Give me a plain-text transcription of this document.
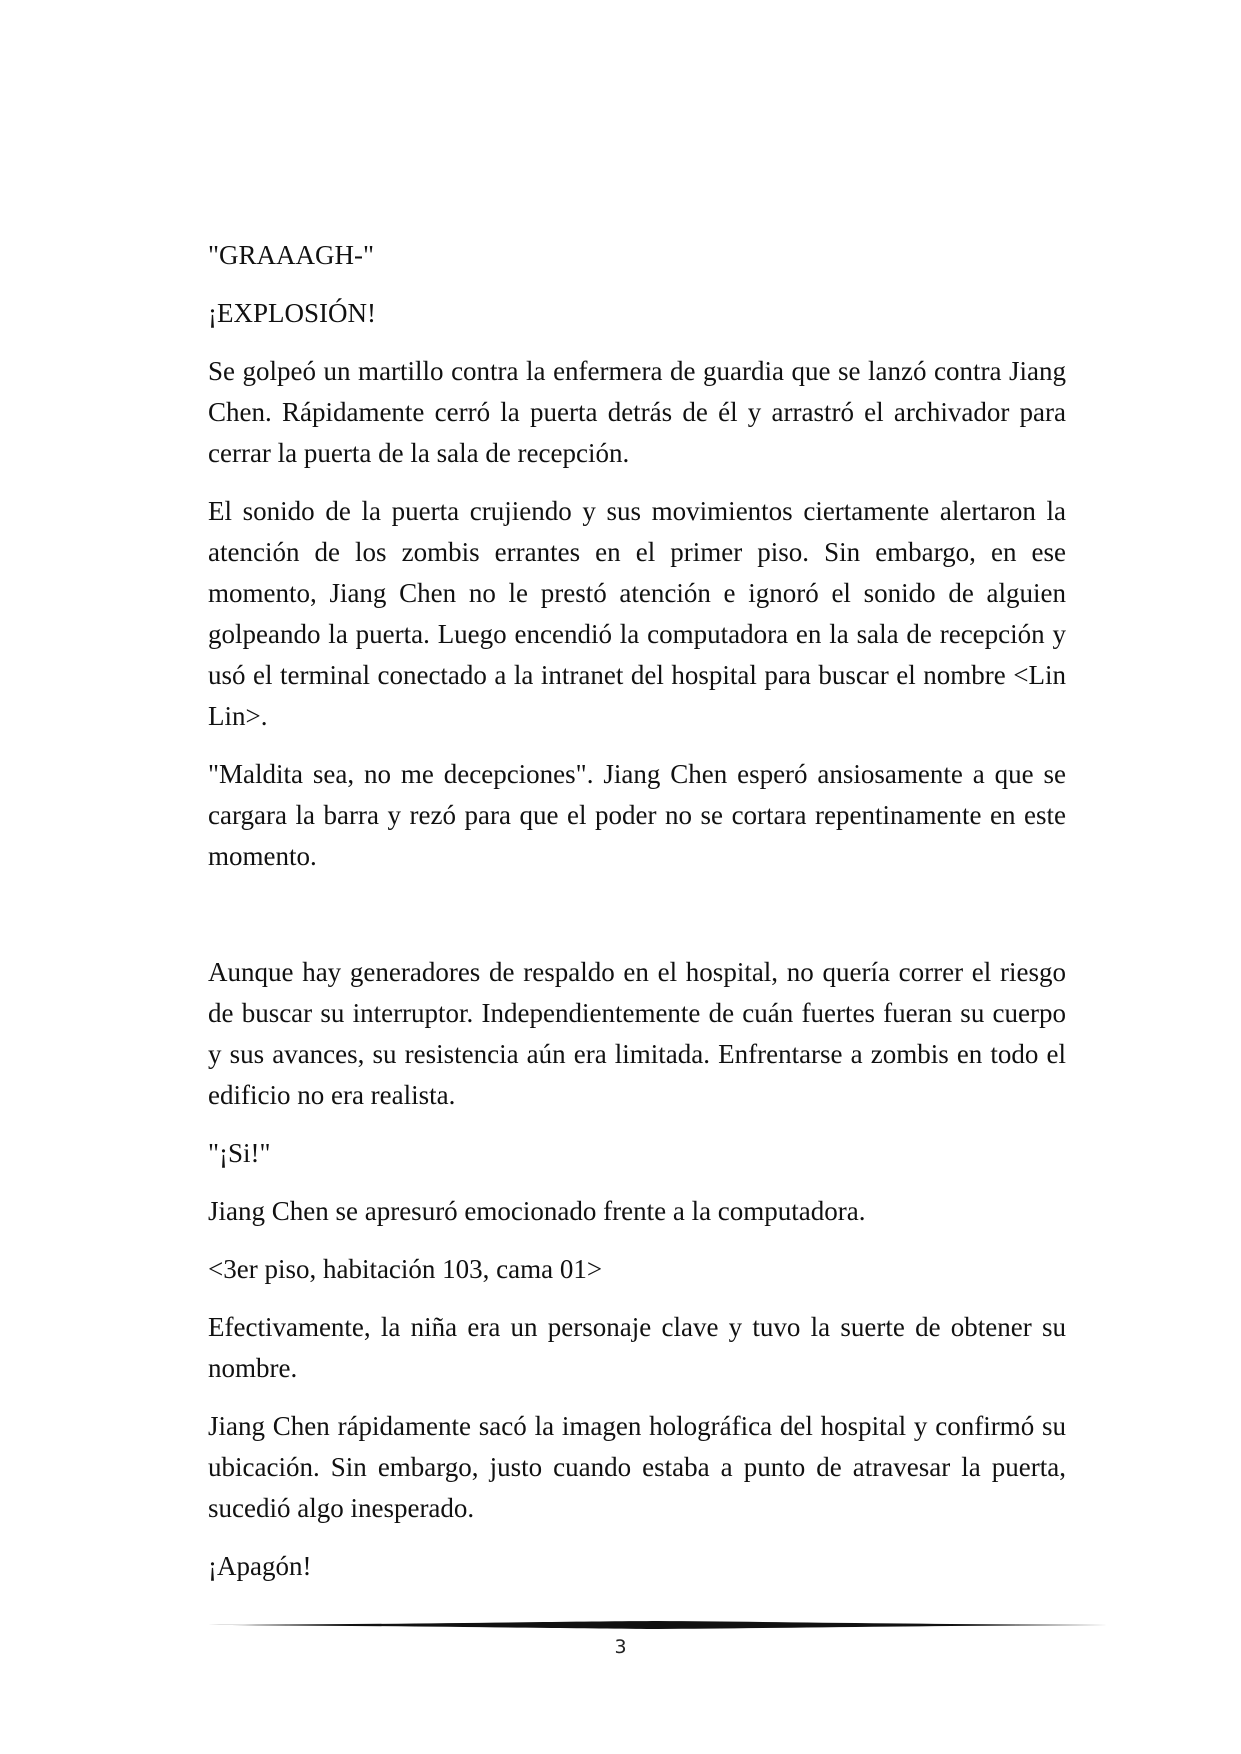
"GRAAAGH-"

¡EXPLOSIÓN!

Se golpeó un martillo contra la enfermera de guardia que se lanzó contra Jiang Chen. Rápidamente cerró la puerta detrás de él y arrastró el archivador para cerrar la puerta de la sala de recepción.

El sonido de la puerta crujiendo y sus movimientos ciertamente alertaron la atención de los zombis errantes en el primer piso. Sin embargo, en ese momento, Jiang Chen no le prestó atención e ignoró el sonido de alguien golpeando la puerta. Luego encendió la computadora en la sala de recepción y usó el terminal conectado a la intranet del hospital para buscar el nombre <Lin Lin>.

"Maldita sea, no me decepciones". Jiang Chen esperó ansiosamente a que se cargara la barra y rezó para que el poder no se cortara repentinamente en este momento.

Aunque hay generadores de respaldo en el hospital, no quería correr el riesgo de buscar su interruptor. Independientemente de cuán fuertes fueran su cuerpo y sus avances, su resistencia aún era limitada. Enfrentarse a zombis en todo el edificio no era realista.

"¡Si!"

Jiang Chen se apresuró emocionado frente a la computadora.

<3er piso, habitación 103, cama 01>

Efectivamente, la niña era un personaje clave y tuvo la suerte de obtener su nombre.

Jiang Chen rápidamente sacó la imagen holográfica del hospital y confirmó su ubicación. Sin embargo, justo cuando estaba a punto de atravesar la puerta, sucedió algo inesperado.

¡Apagón!

3
